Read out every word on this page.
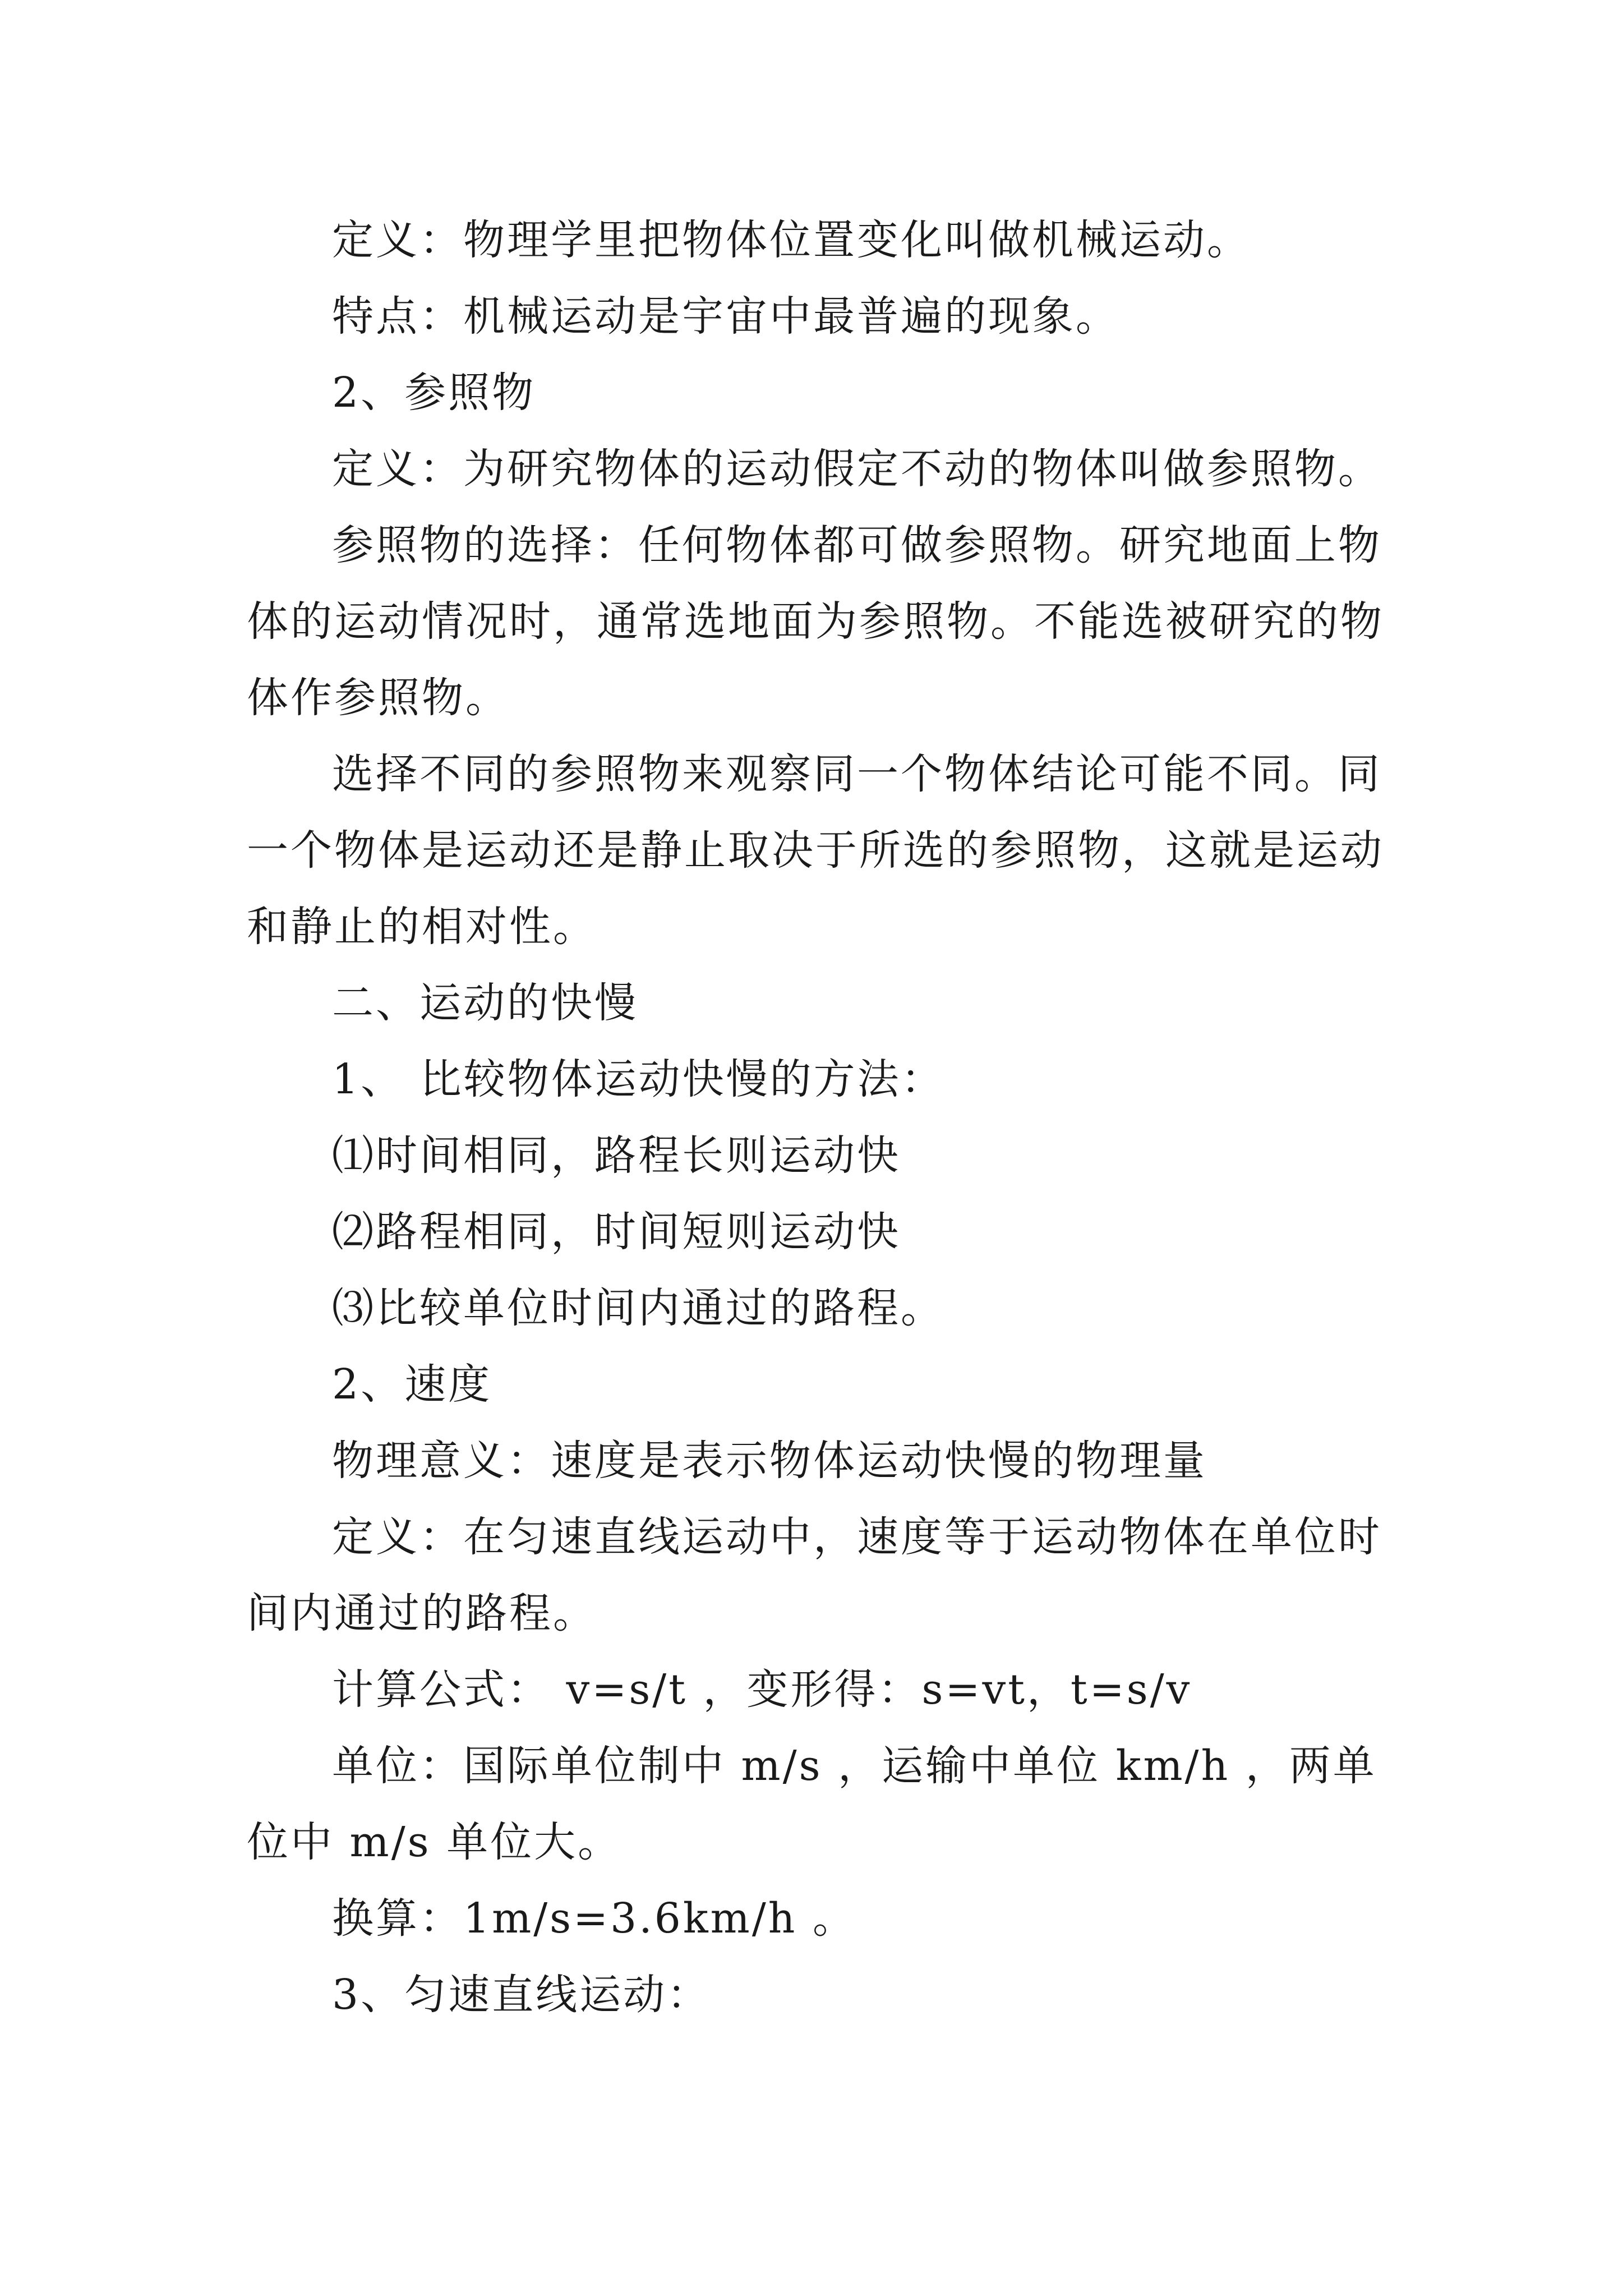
定义：物理学里把物体位置变化叫做机械运动。

特点：机械运动是宇宙中最普遍的现象。

2、参照物

定义：为研究物体的运动假定不动的物体叫做参照物。

参照物的选择：任何物体都可做参照物。研究地面上物体的运动情况时，通常选地面为参照物。不能选被研究的物体作参照物。

选择不同的参照物来观察同一个物体结论可能不同。同一个物体是运动还是静止取决于所选的参照物，这就是运动和静止的相对性。

二、运动的快慢

1、 比较物体运动快慢的方法：

⑴时间相同，路程长则运动快

⑵路程相同，时间短则运动快

⑶比较单位时间内通过的路程。

2、速度

物理意义：速度是表示物体运动快慢的物理量

定义：在匀速直线运动中，速度等于运动物体在单位时间内通过的路程。

计算公式： v=s/t ，变形得：s=vt，t=s/v

单位：国际单位制中 m/s ，运输中单位 km/h ，两单位中 m/s 单位大。

换算：1m/s=3.6km/h 。

3、匀速直线运动：
